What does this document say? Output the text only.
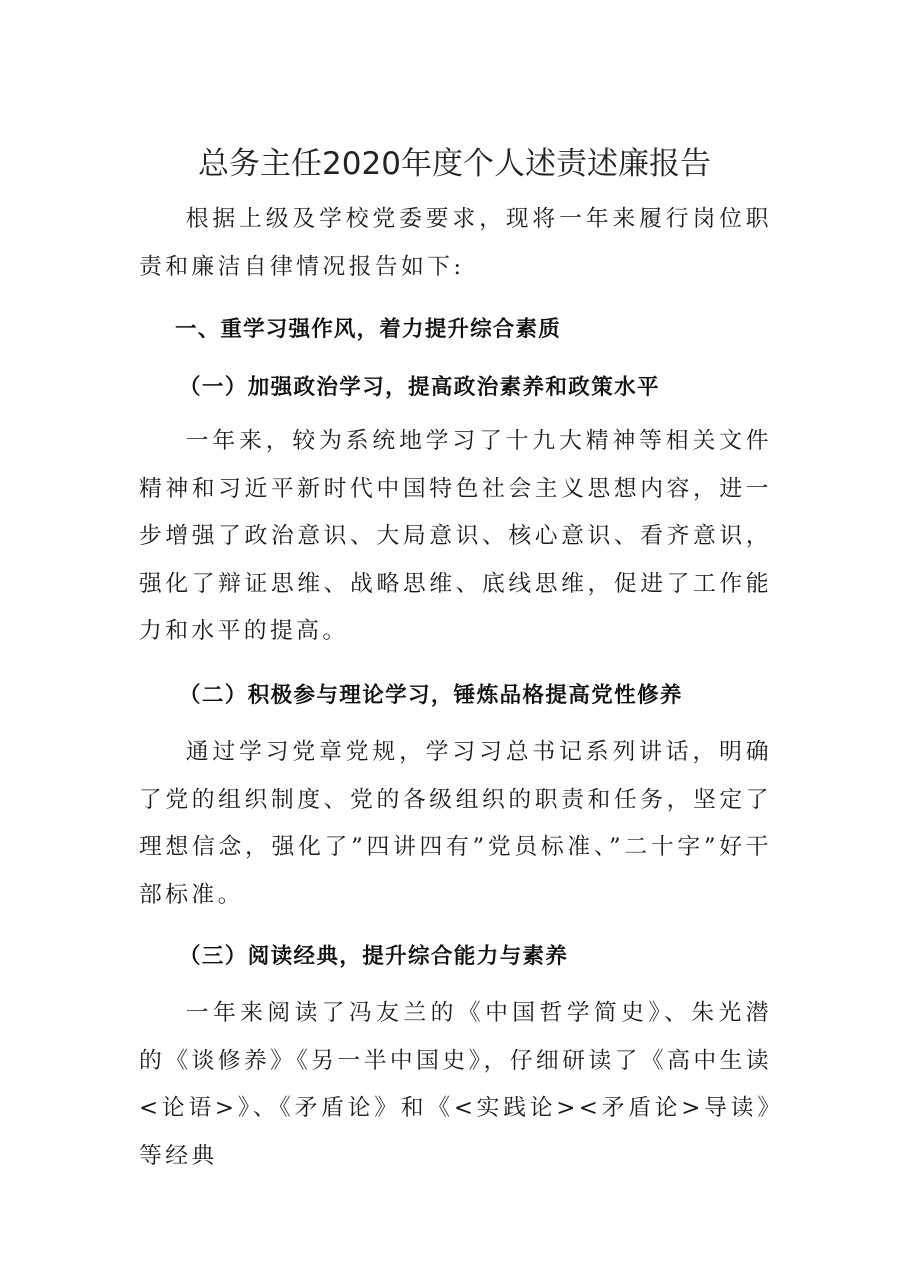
总务主任2020年度个人述责述廉报告

根据上级及学校党委要求，现将一年来履行岗位职责和廉洁自律情况报告如下:

一、重学习强作风，着力提升综合素质
（一）加强政治学习，提高政治素养和政策水平

一年来，较为系统地学习了十九大精神等相关文件精神和习近平新时代中国特色社会主义思想内容，进一步增强了政治意识、大局意识、核心意识、看齐意识，强化了辩证思维、战略思维、底线思维，促进了工作能力和水平的提高。

（二）积极参与理论学习，锤炼品格提高党性修养

通过学习党章党规，学习习总书记系列讲话，明确了党的组织制度、党的各级组织的职责和任务，坚定了理想信念，强化了”四讲四有”党员标准、”二十字”好干部标准。

（三）阅读经典，提升综合能力与素养

一年来阅读了冯友兰的《中国哲学简史》、朱光潜的《谈修养》《另一半中国史》，仔细研读了《高中生读<论语>》、《矛盾论》和《<实践论><矛盾论>导读》等经典
